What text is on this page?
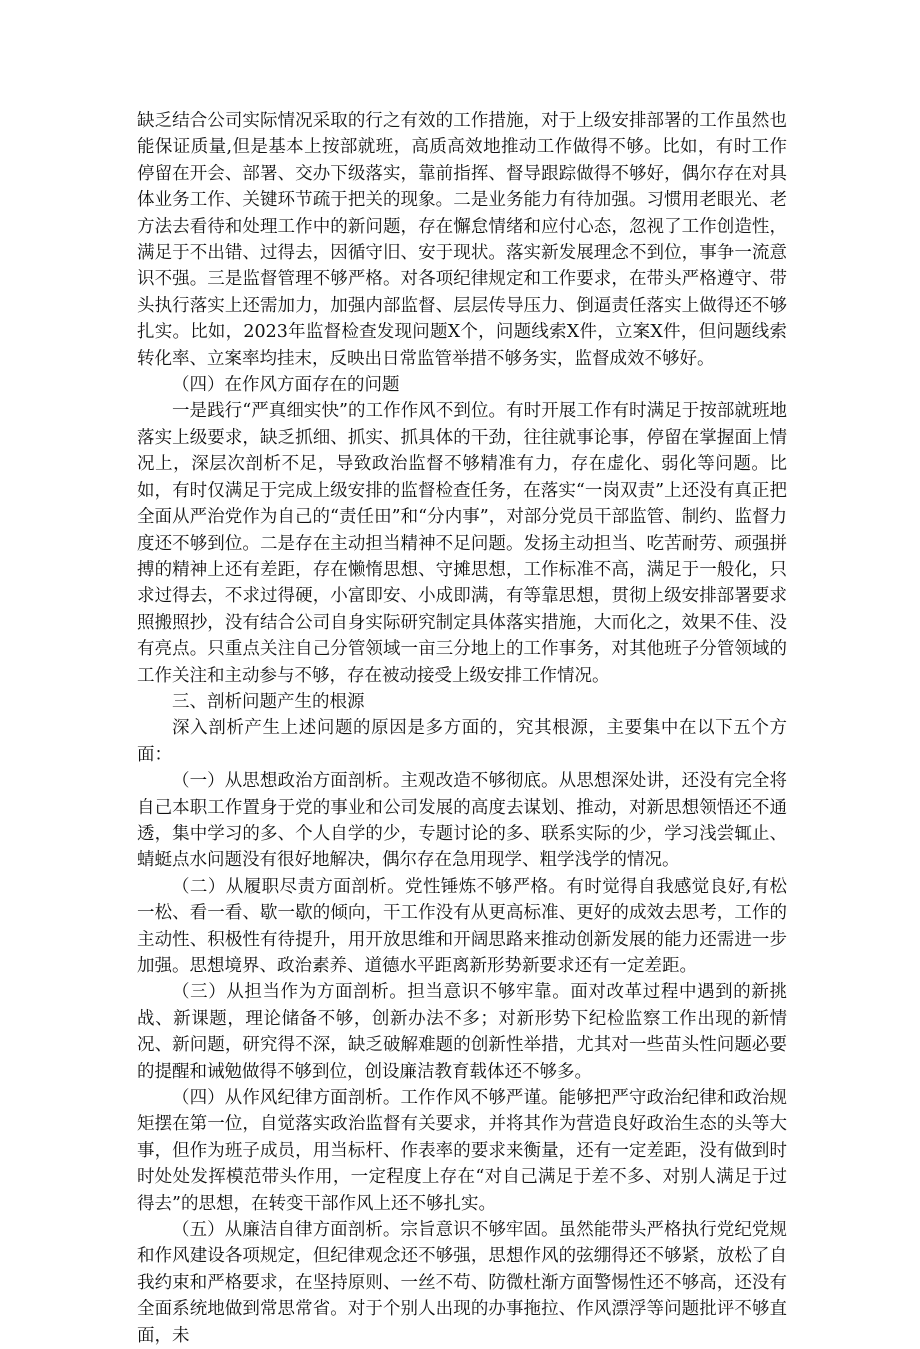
缺乏结合公司实际情况采取的行之有效的工作措施，对于上级安排部署的工作虽然也能保证质量,但是基本上按部就班，高质高效地推动工作做得不够。比如，有时工作停留在开会、部署、交办下级落实，靠前指挥、督导跟踪做得不够好，偶尔存在对具体业务工作、关键环节疏于把关的现象。二是业务能力有待加强。习惯用老眼光、老方法去看待和处理工作中的新问题，存在懈怠情绪和应付心态，忽视了工作创造性，满足于不出错、过得去，因循守旧、安于现状。落实新发展理念不到位，事争一流意识不强。三是监督管理不够严格。对各项纪律规定和工作要求，在带头严格遵守、带头执行落实上还需加力，加强内部监督、层层传导压力、倒逼责任落实上做得还不够扎实。比如，2023年监督检查发现问题X个，问题线索X件，立案X件，但问题线索转化率、立案率均挂末，反映出日常监管举措不够务实，监督成效不够好。

（四）在作风方面存在的问题

一是践行“严真细实快”的工作作风不到位。有时开展工作有时满足于按部就班地落实上级要求，缺乏抓细、抓实、抓具体的干劲，往往就事论事，停留在掌握面上情况上，深层次剖析不足，导致政治监督不够精准有力，存在虚化、弱化等问题。比如，有时仅满足于完成上级安排的监督检查任务，在落实“一岗双责”上还没有真正把全面从严治党作为自己的“责任田”和“分内事”，对部分党员干部监管、制约、监督力度还不够到位。二是存在主动担当精神不足问题。发扬主动担当、吃苦耐劳、顽强拼搏的精神上还有差距，存在懒惰思想、守摊思想，工作标准不高，满足于一般化，只求过得去，不求过得硬，小富即安、小成即满，有等靠思想，贯彻上级安排部署要求照搬照抄，没有结合公司自身实际研究制定具体落实措施，大而化之，效果不佳、没有亮点。只重点关注自己分管领域一亩三分地上的工作事务，对其他班子分管领域的工作关注和主动参与不够，存在被动接受上级安排工作情况。

三、剖析问题产生的根源

深入剖析产生上述问题的原因是多方面的，究其根源，主要集中在以下五个方面：

（一）从思想政治方面剖析。主观改造不够彻底。从思想深处讲，还没有完全将自己本职工作置身于党的事业和公司发展的高度去谋划、推动，对新思想领悟还不通透，集中学习的多、个人自学的少，专题讨论的多、联系实际的少，学习浅尝辄止、蜻蜓点水问题没有很好地解决，偶尔存在急用现学、粗学浅学的情况。

（二）从履职尽责方面剖析。党性锤炼不够严格。有时觉得自我感觉良好,有松一松、看一看、歇一歇的倾向，干工作没有从更高标准、更好的成效去思考，工作的主动性、积极性有待提升，用开放思维和开阔思路来推动创新发展的能力还需进一步加强。思想境界、政治素养、道德水平距离新形势新要求还有一定差距。

（三）从担当作为方面剖析。担当意识不够牢靠。面对改革过程中遇到的新挑战、新课题，理论储备不够，创新办法不多；对新形势下纪检监察工作出现的新情况、新问题，研究得不深，缺乏破解难题的创新性举措，尤其对一些苗头性问题必要的提醒和诫勉做得不够到位，创设廉洁教育载体还不够多。

（四）从作风纪律方面剖析。工作作风不够严谨。能够把严守政治纪律和政治规矩摆在第一位，自觉落实政治监督有关要求，并将其作为营造良好政治生态的头等大事，但作为班子成员，用当标杆、作表率的要求来衡量，还有一定差距，没有做到时时处处发挥模范带头作用，一定程度上存在“对自己满足于差不多、对别人满足于过得去”的思想，在转变干部作风上还不够扎实。

（五）从廉洁自律方面剖析。宗旨意识不够牢固。虽然能带头严格执行党纪党规和作风建设各项规定，但纪律观念还不够强，思想作风的弦绷得还不够紧，放松了自我约束和严格要求，在坚持原则、一丝不苟、防微杜渐方面警惕性还不够高，还没有全面系统地做到常思常省。对于个别人出现的办事拖拉、作风漂浮等问题批评不够直面，未
